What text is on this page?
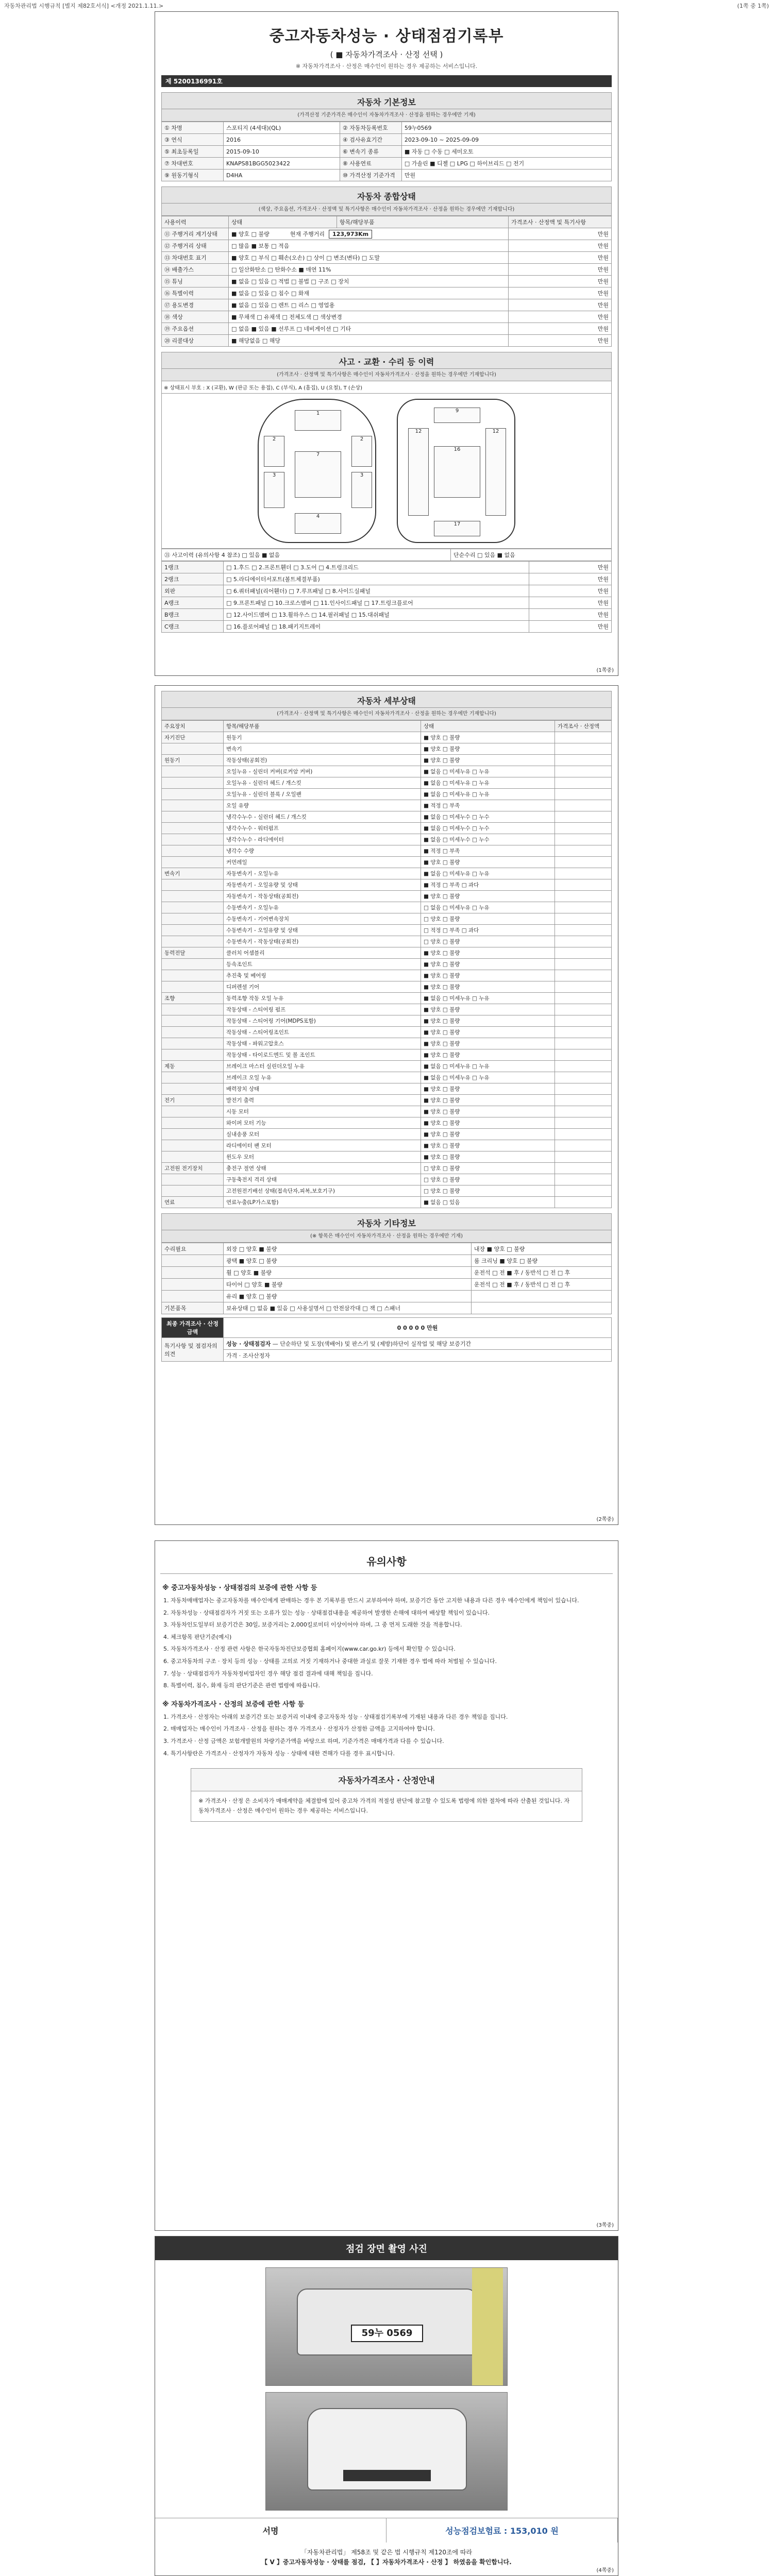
자동차관리법 시행규칙 [별지 제82호서식] <개정 2021.1.11.>	(1쪽 중 1쪽)
중고자동차성능 · 상태점검기록부
( ■ 자동차가격조사 · 산정 선택 )
※ 자동차가격조사 · 산정은 매수인이 원하는 경우 제공하는 서비스입니다.
제 5200136991호
자동차 기본정보
(가격산정 기준가격은 매수인이 자동차가격조사 · 산정을 원하는 경우에만 기재)
① 차명	스포티지 (4세대)(QL)	② 자동차등록번호	59누0569
③ 연식	2016	④ 검사유효기간	2023-09-10 ~ 2025-09-09
⑤ 최초등록일	2015-09-10	⑥ 변속기 종류	■ 자동 □ 수동 □ 세미오토
⑦ 차대번호	KNAPS81BGG5023422	⑧ 사용연료	□ 가솔린 ■ 디젤 □ LPG □ 하이브리드 □ 전기
⑨ 원동기형식	D4HA	⑩ 가격산정 기준가격	만원
자동차 종합상태
(색상, 주요옵션, 가격조사 · 산정액 및 특기사항은 매수인이 자동차가격조사 · 산정을 원하는 경우에만 기재합니다)
사용이력	상태	항목/해당부품	가격조사 · 산정액 및 특기사항
⑪ 주행거리 계기상태	■ 양호 □ 불량 현재 주행거리 123,973Km		만원
⑫ 주행거리 상태	□ 많음 ■ 보통 □ 적음		만원
⑬ 차대번호 표기	■ 양호 □ 부식 □ 훼손(오손) □ 상이 □ 변조(변타) □ 도말		만원
⑭ 배출가스	□ 일산화탄소 □ 탄화수소 ■ 매연 11%		만원
⑮ 튜닝	■ 없음 □ 있음 □ 적법 □ 불법 □ 구조 □ 장치		만원
⑯ 특별이력	■ 없음 □ 있음 □ 침수 □ 화재		만원
⑰ 용도변경	■ 없음 □ 있음 □ 렌트 □ 리스 □ 영업용		만원
⑱ 색상	■ 무채색 □ 유채색 □ 전체도색 □ 색상변경		만원
⑲ 주요옵션	□ 없음 ■ 있음 ■ 선루프 □ 네비게이션 □ 기타		만원
⑳ 리콜대상	■ 해당없음 □ 해당		만원
사고 · 교환 · 수리 등 이력
(가격조사 · 산정액 및 특기사항은 매수인이 자동차가격조사 · 산정을 원하는 경우에만 기재합니다)
※ 상태표시 부호 : X (교환), W (판금 또는 용접), C (부식), A (흠집), U (요철), T (손상)
1
2	2
3	3
7
4
9
12	12
16
17
㉑ 사고이력 (유의사항 4 참조) □ 있음 ■ 없음	단순수리 □ 있음 ■ 없음
1랭크	□ 1.후드 □ 2.프론트휀더 □ 3.도어 □ 4.트렁크리드	만원
2랭크	□ 5.라디에이터서포트(볼트체결부품)	만원
외판	□ 6.쿼터패널(리어휀더) □ 7.루프패널 □ 8.사이드실패널	만원
A랭크	□ 9.프론트패널 □ 10.크로스멤버 □ 11.인사이드패널 □ 17.트렁크플로어	만원
B랭크	□ 12.사이드멤버 □ 13.휠하우스 □ 14.필러패널 □ 15.대쉬패널	만원
C랭크	□ 16.플로어패널 □ 18.패키지트레이	만원
(1쪽중)
자동차 세부상태
(가격조사 · 산정액 및 특기사항은 매수인이 자동차가격조사 · 산정을 원하는 경우에만 기재합니다)
주요장치	항목/해당부품	상태	가격조사 · 산정액
자기진단	원동기	■ 양호 □ 불량	
	변속기	■ 양호 □ 불량	
원동기	작동상태(공회전)	■ 양호 □ 불량	
	오일누유 - 실린더 커버(로커암 커버)	■ 없음 □ 미세누유 □ 누유	
	오일누유 - 실린더 헤드 / 개스킷	■ 없음 □ 미세누유 □ 누유	
	오일누유 - 실린더 블록 / 오일팬	■ 없음 □ 미세누유 □ 누유	
	오일 유량	■ 적정 □ 부족	
	냉각수누수 - 실린더 헤드 / 개스킷	■ 없음 □ 미세누수 □ 누수	
	냉각수누수 - 워터펌프	■ 없음 □ 미세누수 □ 누수	
	냉각수누수 - 라디에이터	■ 없음 □ 미세누수 □ 누수	
	냉각수 수량	■ 적정 □ 부족	
	커먼레일	■ 양호 □ 불량	
변속기	자동변속기 - 오일누유	■ 없음 □ 미세누유 □ 누유	
	자동변속기 - 오일유량 및 상태	■ 적정 □ 부족 □ 과다	
	자동변속기 - 작동상태(공회전)	■ 양호 □ 불량	
	수동변속기 - 오일누유	□ 없음 □ 미세누유 □ 누유	
	수동변속기 - 기어변속장치	□ 양호 □ 불량	
	수동변속기 - 오일유량 및 상태	□ 적정 □ 부족 □ 과다	
	수동변속기 - 작동상태(공회전)	□ 양호 □ 불량	
동력전달	클러치 어셈블리	■ 양호 □ 불량	
	등속조인트	■ 양호 □ 불량	
	추진축 및 베어링	■ 양호 □ 불량	
	디퍼렌셜 기어	■ 양호 □ 불량	
조향	동력조향 작동 오일 누유	■ 없음 □ 미세누유 □ 누유	
	작동상태 - 스티어링 펌프	■ 양호 □ 불량	
	작동상태 - 스티어링 기어(MDPS포함)	■ 양호 □ 불량	
	작동상태 - 스티어링조인트	■ 양호 □ 불량	
	작동상태 - 파워고압호스	■ 양호 □ 불량	
	작동상태 - 타이로드엔드 및 볼 조인트	■ 양호 □ 불량	
제동	브레이크 마스터 실린더오일 누유	■ 없음 □ 미세누유 □ 누유	
	브레이크 오일 누유	■ 없음 □ 미세누유 □ 누유	
	배력장치 상태	■ 양호 □ 불량	
전기	발전기 출력	■ 양호 □ 불량	
	시동 모터	■ 양호 □ 불량	
	와이퍼 모터 기능	■ 양호 □ 불량	
	실내송풍 모터	■ 양호 □ 불량	
	라디에이터 팬 모터	■ 양호 □ 불량	
	윈도우 모터	■ 양호 □ 불량	
고전원 전기장치	충전구 절연 상태	□ 양호 □ 불량	
	구동축전지 격리 상태	□ 양호 □ 불량	
	고전원전기배선 상태(접속단자,피복,보호기구)	□ 양호 □ 불량	
연료	연료누출(LP가스포함)	■ 없음 □ 있음	
자동차 기타정보
(※ 항목은 매수인이 자동차가격조사 · 산정을 원하는 경우에만 기재)
수리필요	외장 □ 양호 ■ 불량	내장 ■ 양호 □ 불량
	광택 ■ 양호 □ 불량	룸 크리닝 ■ 양호 □ 불량
	휠 □ 양호 ■ 불량	운전석 □ 전 ■ 후 / 동반석 □ 전 □ 후
	타이어 □ 양호 ■ 불량	운전석 □ 전 ■ 후 / 동반석 □ 전 □ 후
	유리 ■ 양호 □ 불량	
기본품목	보유상태 □ 없음 ■ 있음 □ 사용설명서 □ 안전삼각대 □ 잭 □ 스패너	
최종 가격조사 · 산정 금액	0 0 0 0 0 만원
특기사항 및 점검자의 의견	성능 · 상태점검자 — 단순하단 및 도장(색배어) 및 판스키 및 (제방)하단이 실작업 및 해당 보증기간
	가격 · 조사산정자
(2쪽중)
유의사항
※ 중고자동차성능 · 상태점검의 보증에 관한 사항 등
1. 자동차매매업자는 중고자동차를 매수인에게 판매하는 경우 본 기록부를 반드시 교부하여야 하며, 보증기간 동안 고지한 내용과 다른 경우 매수인에게 책임이 있습니다.
2. 자동차성능 · 상태점검자가 거짓 또는 오류가 있는 성능 · 상태점검내용을 제공하여 발생한 손해에 대하여 배상할 책임이 있습니다.
3. 자동차인도일부터 보증기간은 30일, 보증거리는 2,000킬로미터 이상이어야 하며, 그 중 먼저 도래한 것을 적용합니다.
4. 체크항목 판단기준(예시)
5. 자동차가격조사 · 산정 관련 사항은 한국자동차진단보증협회 홈페이지(www.car.go.kr) 등에서 확인할 수 있습니다.
6. 중고자동차의 구조 · 장치 등의 성능 · 상태를 고의로 거짓 기재하거나 중대한 과실로 잘못 기재한 경우 법에 따라 처벌될 수 있습니다.
7. 성능 · 상태점검자가 자동차정비업자인 경우 해당 점검 결과에 대해 책임을 집니다.
8. 특별이력, 침수, 화재 등의 판단기준은 관련 법령에 따릅니다.
※ 자동차가격조사 · 산정의 보증에 관한 사항 등
1. 가격조사 · 산정자는 아래의 보증기간 또는 보증거리 이내에 중고자동차 성능 · 상태점검기록부에 기재된 내용과 다른 경우 책임을 집니다.
2. 매매업자는 매수인이 가격조사 · 산정을 원하는 경우 가격조사 · 산정자가 산정한 금액을 고지하여야 합니다.
3. 가격조사 · 산정 금액은 보험개발원의 차량기준가액을 바탕으로 하며, 기준가격은 매매가격과 다를 수 있습니다.
4. 특기사항란은 가격조사 · 산정자가 자동차 성능 · 상태에 대한 견해가 다를 경우 표시합니다.
자동차가격조사 · 산정안내
※ 가격조사 · 산정 은 소비자가 매매계약을 체결함에 있어 중고차 가격의 적절성 판단에 참고할 수 있도록 법령에 의한 절차에 따라 산출된 것입니다. 자동차가격조사 · 산정은 매수인이 원하는 경우 제공하는 서비스입니다.
(3쪽중)
점검 장면 촬영 사진
59누 0569
서명	성능점검보험료 : 153,010 원
「자동차관리법」 제58조 및 같은 법 시행규칙 제120조에 따라
【 V 】중고자동차성능 · 상태를 점검, 【 】자동차가격조사 · 산정 】 하였음을 확인합니다.
(4쪽중)
